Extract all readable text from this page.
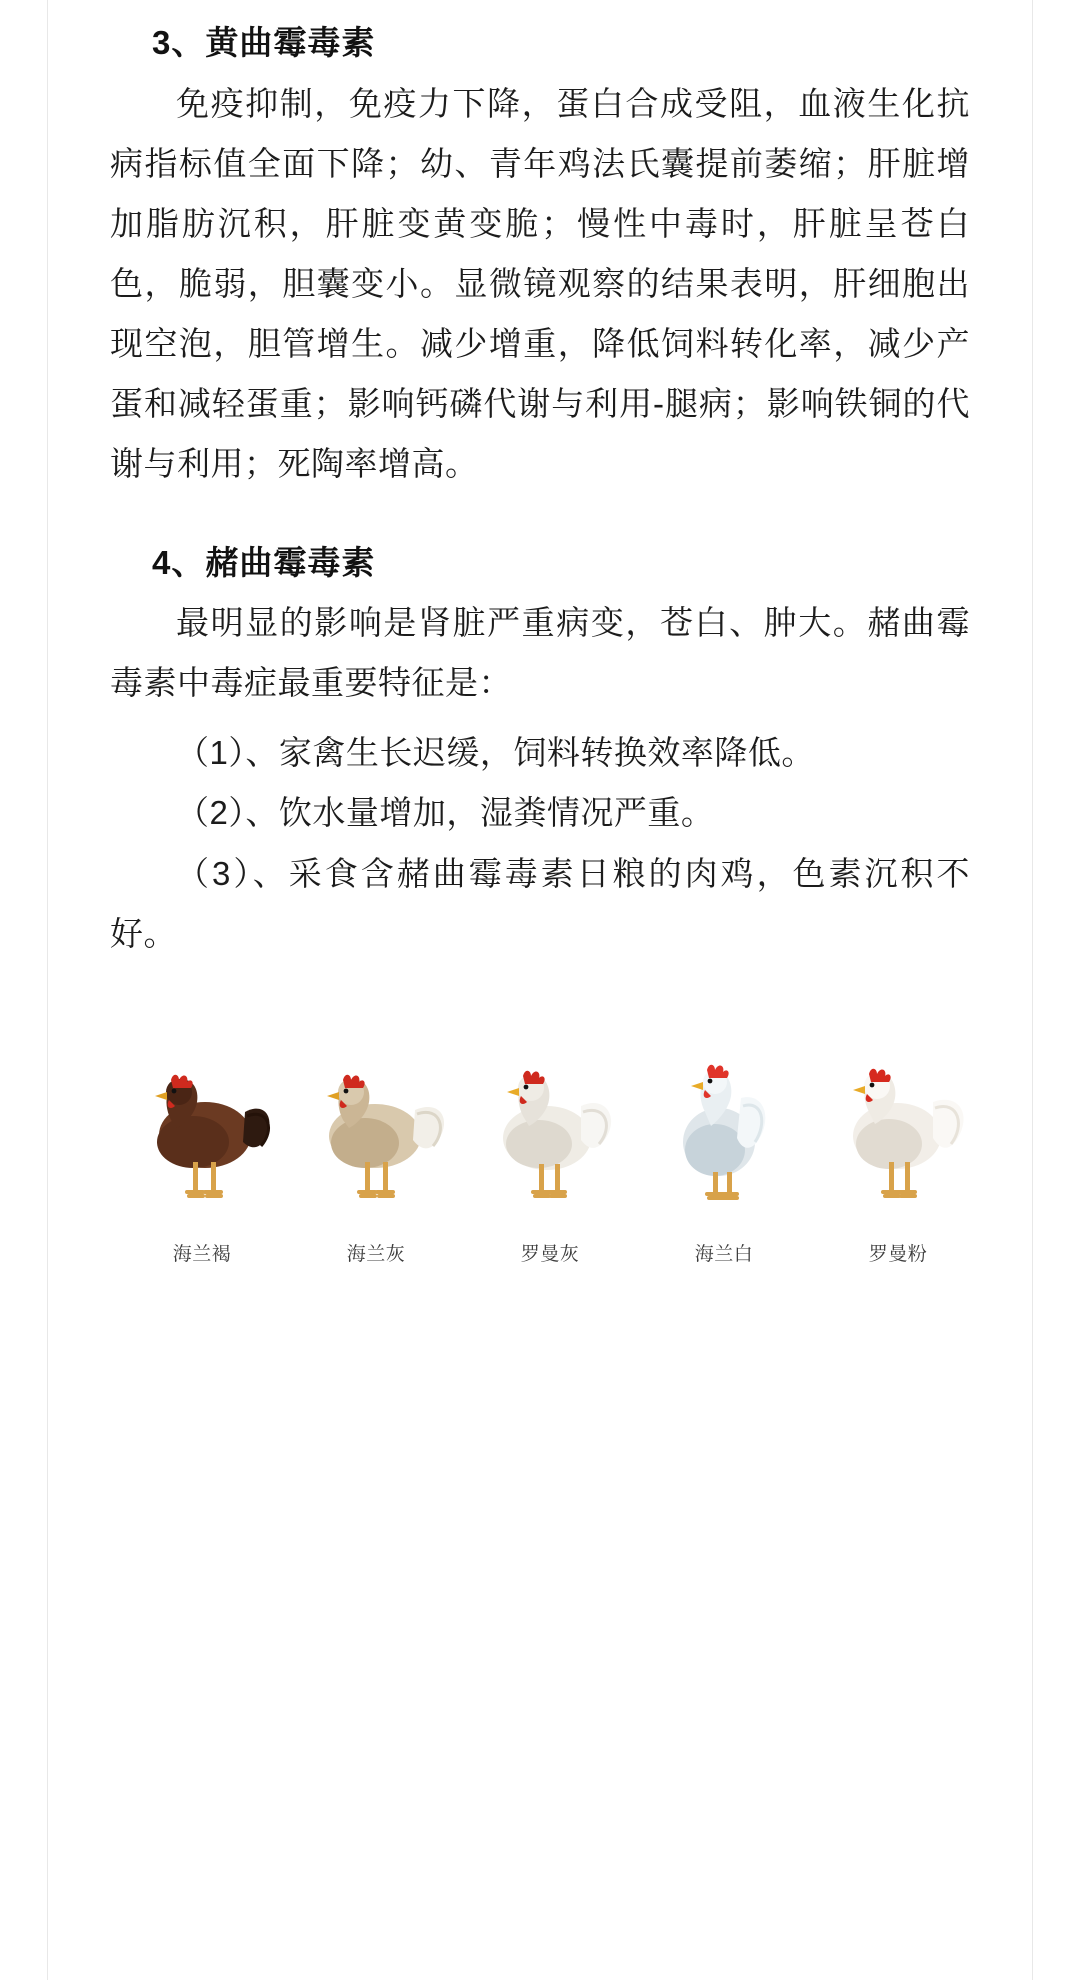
3、黄曲霉毒素

免疫抑制，免疫力下降，蛋白合成受阻，血液生化抗病指标值全面下降；幼、青年鸡法氏囊提前萎缩；肝脏增加脂肪沉积，肝脏变黄变脆；慢性中毒时，肝脏呈苍白色，脆弱，胆囊变小。显微镜观察的结果表明，肝细胞出现空泡，胆管增生。减少增重，降低饲料转化率，减少产蛋和减轻蛋重；影响钙磷代谢与利用-腿病；影响铁铜的代谢与利用；死陶率增高。

4、赭曲霉毒素

最明显的影响是肾脏严重病变，苍白、肿大。赭曲霉毒素中毒症最重要特征是：

（1）、家禽生长迟缓，饲料转换效率降低。

（2）、饮水量增加，湿粪情况严重。

（3）、采食含赭曲霉毒素日粮的肉鸡，色素沉积不好。

海兰褐	海兰灰	罗曼灰	海兰白	罗曼粉
